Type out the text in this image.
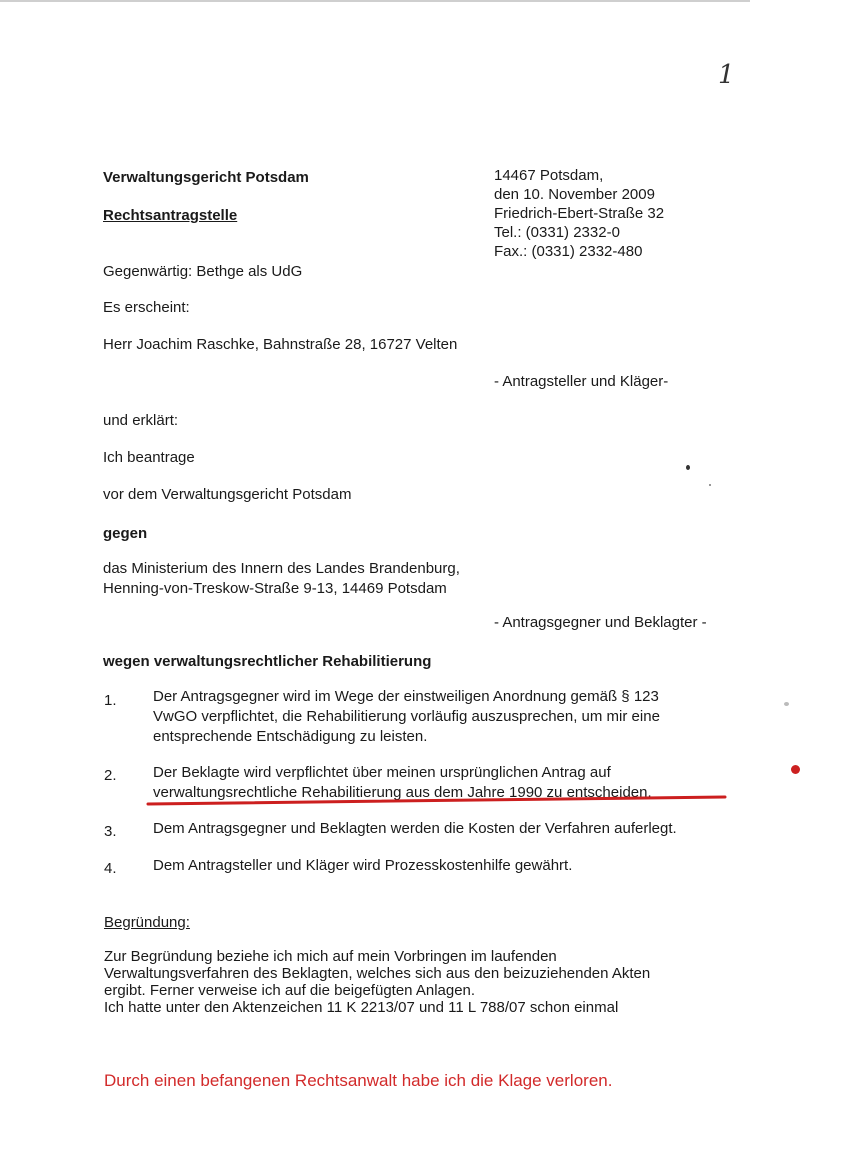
1
Verwaltungsgericht Potsdam
Rechtsantragstelle
14467 Potsdam,
den 10. November 2009
Friedrich-Ebert-Straße 32
Tel.: (0331) 2332-0
Fax.: (0331) 2332-480
Gegenwärtig: Bethge als UdG
Es erscheint:
Herr Joachim Raschke, Bahnstraße 28, 16727 Velten
- Antragsteller und Kläger-
und erklärt:
Ich beantrage
vor dem Verwaltungsgericht Potsdam
gegen
das Ministerium des Innern des Landes Brandenburg,
Henning-von-Treskow-Straße 9-13, 14469 Potsdam
- Antragsgegner und Beklagter -
wegen verwaltungsrechtlicher Rehabilitierung
1. Der Antragsgegner wird im Wege der einstweiligen Anordnung gemäß § 123
VwGO verpflichtet, die Rehabilitierung vorläufig auszusprechen, um mir eine
entsprechende Entschädigung zu leisten.
2. Der Beklagte wird verpflichtet über meinen ursprünglichen Antrag auf
verwaltungsrechtliche Rehabilitierung aus dem Jahre 1990 zu entscheiden.
3. Dem Antragsgegner und Beklagten werden die Kosten der Verfahren auferlegt.
4. Dem Antragsteller und Kläger wird Prozesskostenhilfe gewährt.
Begründung:
Zur Begründung beziehe ich mich auf mein Vorbringen im laufenden
Verwaltungsverfahren des Beklagten, welches sich aus den beizuziehenden Akten
ergibt. Ferner verweise ich auf die beigefügten Anlagen.
Ich hatte unter den Aktenzeichen 11 K 2213/07 und 11 L 788/07 schon einmal
Durch einen befangenen Rechtsanwalt habe ich die Klage verloren.
